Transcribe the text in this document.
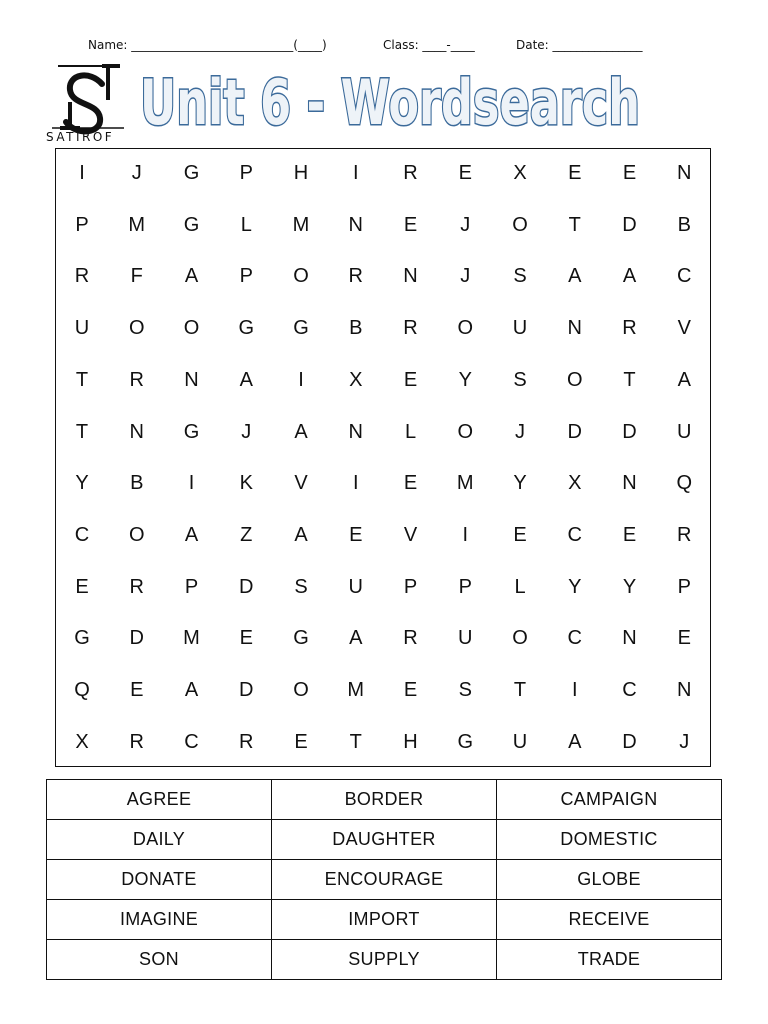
Name: ___________________________(____)	Class: ____-____	Date: _______________
SATIROF Unit 6 - Wordsearch
I	J	G	P	H	I	R	E	X	E	E	N
P	M	G	L	M	N	E	J	O	T	D	B
R	F	A	P	O	R	N	J	S	A	A	C
U	O	O	G	G	B	R	O	U	N	R	V
T	R	N	A	I	X	E	Y	S	O	T	A
T	N	G	J	A	N	L	O	J	D	D	U
Y	B	I	K	V	I	E	M	Y	X	N	Q
C	O	A	Z	A	E	V	I	E	C	E	R
E	R	P	D	S	U	P	P	L	Y	Y	P
G	D	M	E	G	A	R	U	O	C	N	E
Q	E	A	D	O	M	E	S	T	I	C	N
X	R	C	R	E	T	H	G	U	A	D	J
AGREE	BORDER	CAMPAIGN
DAILY	DAUGHTER	DOMESTIC
DONATE	ENCOURAGE	GLOBE
IMAGINE	IMPORT	RECEIVE
SON	SUPPLY	TRADE
